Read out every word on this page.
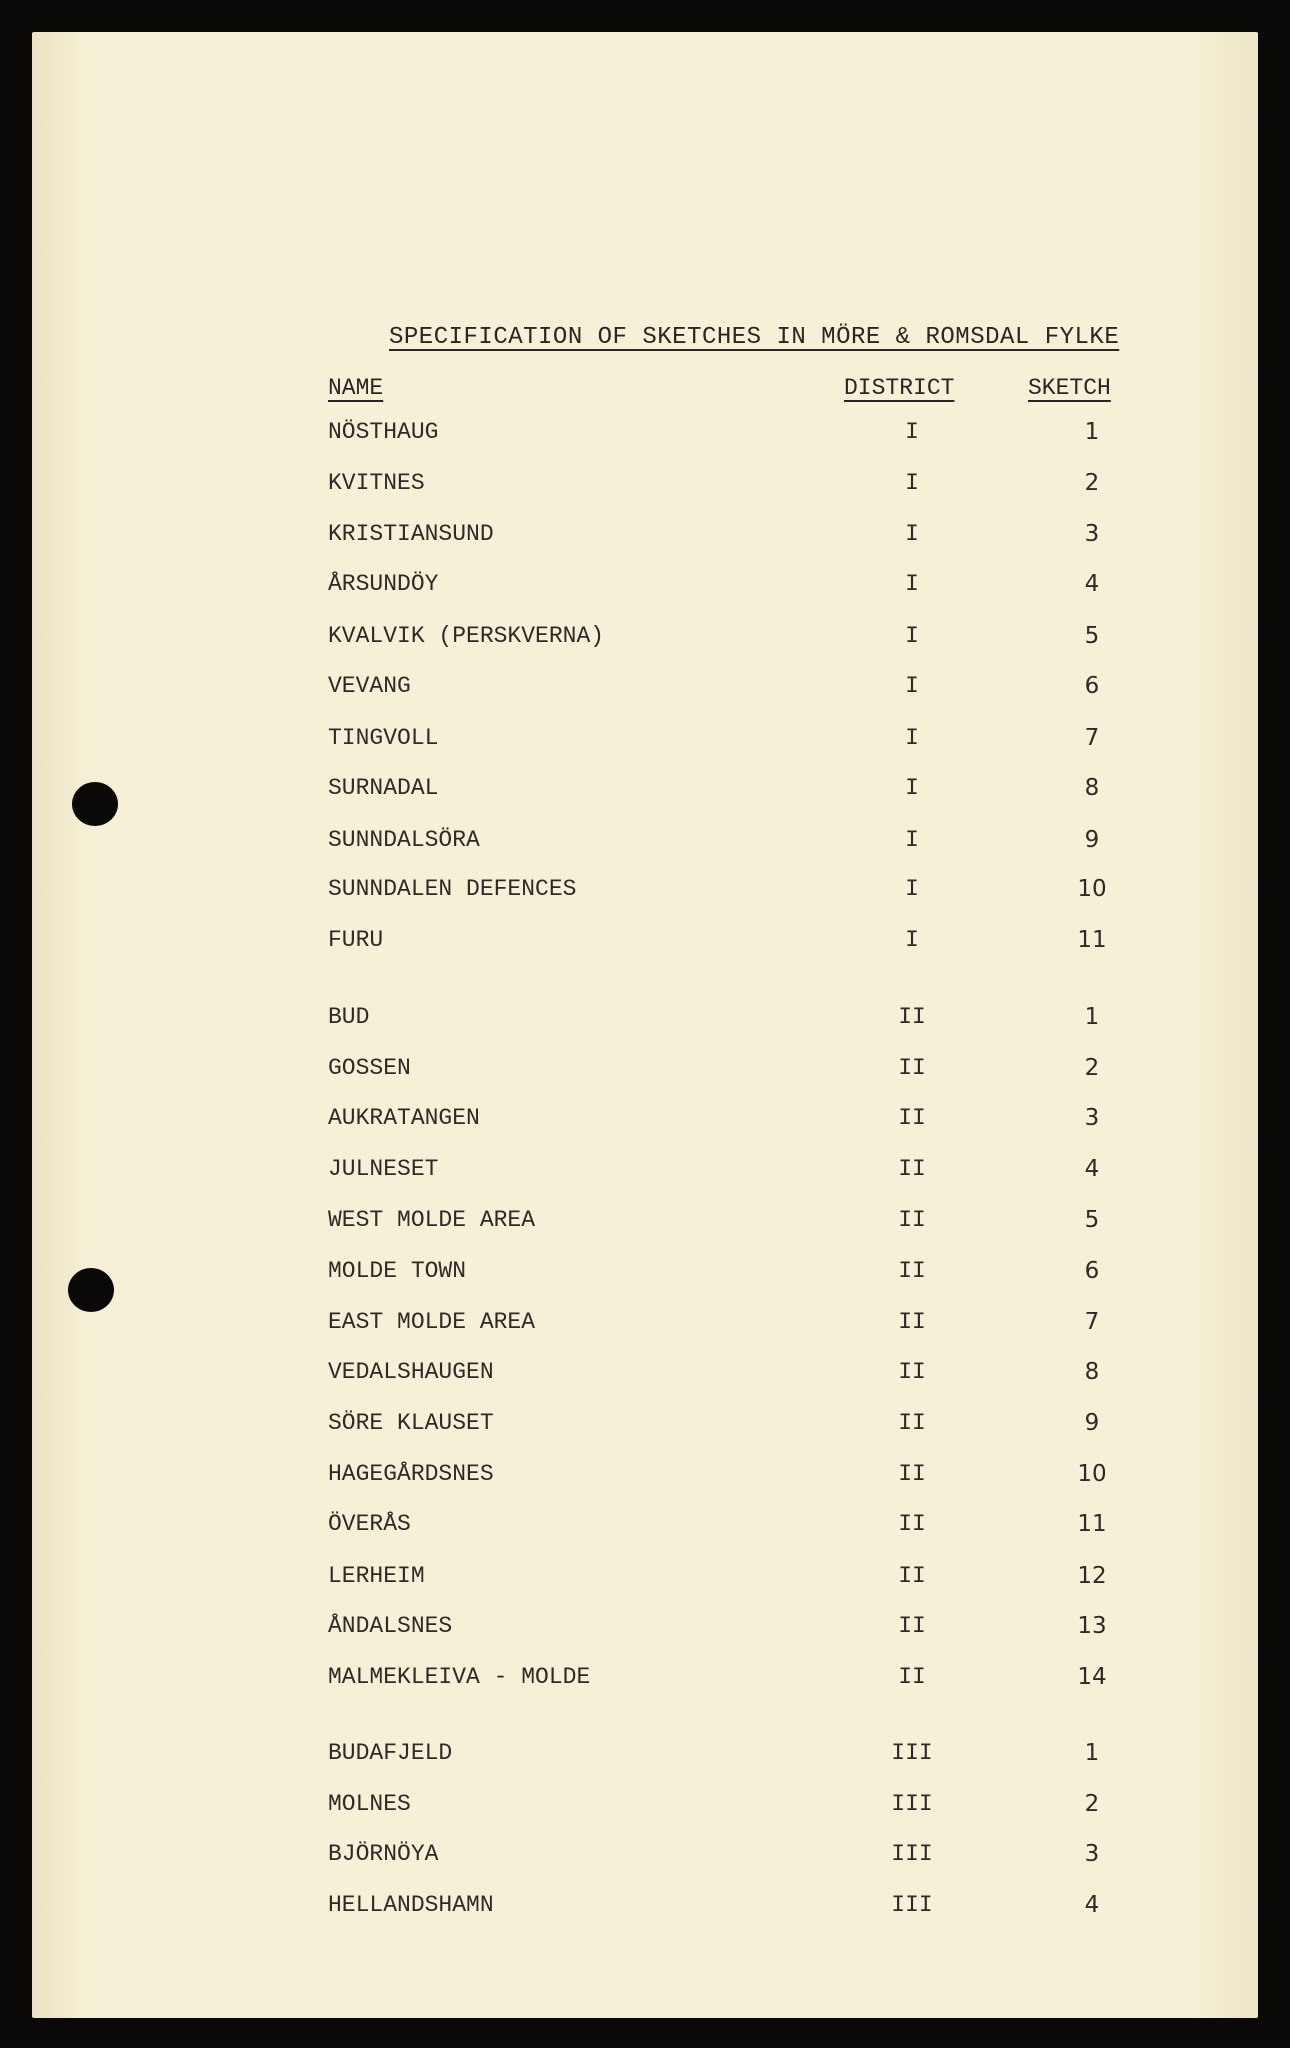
SPECIFICATION OF SKETCHES IN MÖRE & ROMSDAL FYLKE
NAME	DISTRICT	SKETCH
NÖSTHAUG	I	1
KVITNES	I	2
KRISTIANSUND	I	3
ÅRSUNDÖY	I	4
KVALVIK (PERSKVERNA)	I	5
VEVANG	I	6
TINGVOLL	I	7
SURNADAL	I	8
SUNNDALSÖRA	I	9
SUNNDALEN DEFENCES	I	10
FURU	I	11
BUD	II	1
GOSSEN	II	2
AUKRATANGEN	II	3
JULNESET	II	4
WEST MOLDE AREA	II	5
MOLDE TOWN	II	6
EAST MOLDE AREA	II	7
VEDALSHAUGEN	II	8
SÖRE KLAUSET	II	9
HAGEGÅRDSNES	II	10
ÖVERÅS	II	11
LERHEIM	II	12
ÅNDALSNES	II	13
MALMEKLEIVA - MOLDE	II	14
BUDAFJELD	III	1
MOLNES	III	2
BJÖRNÖYA	III	3
HELLANDSHAMN	III	4
